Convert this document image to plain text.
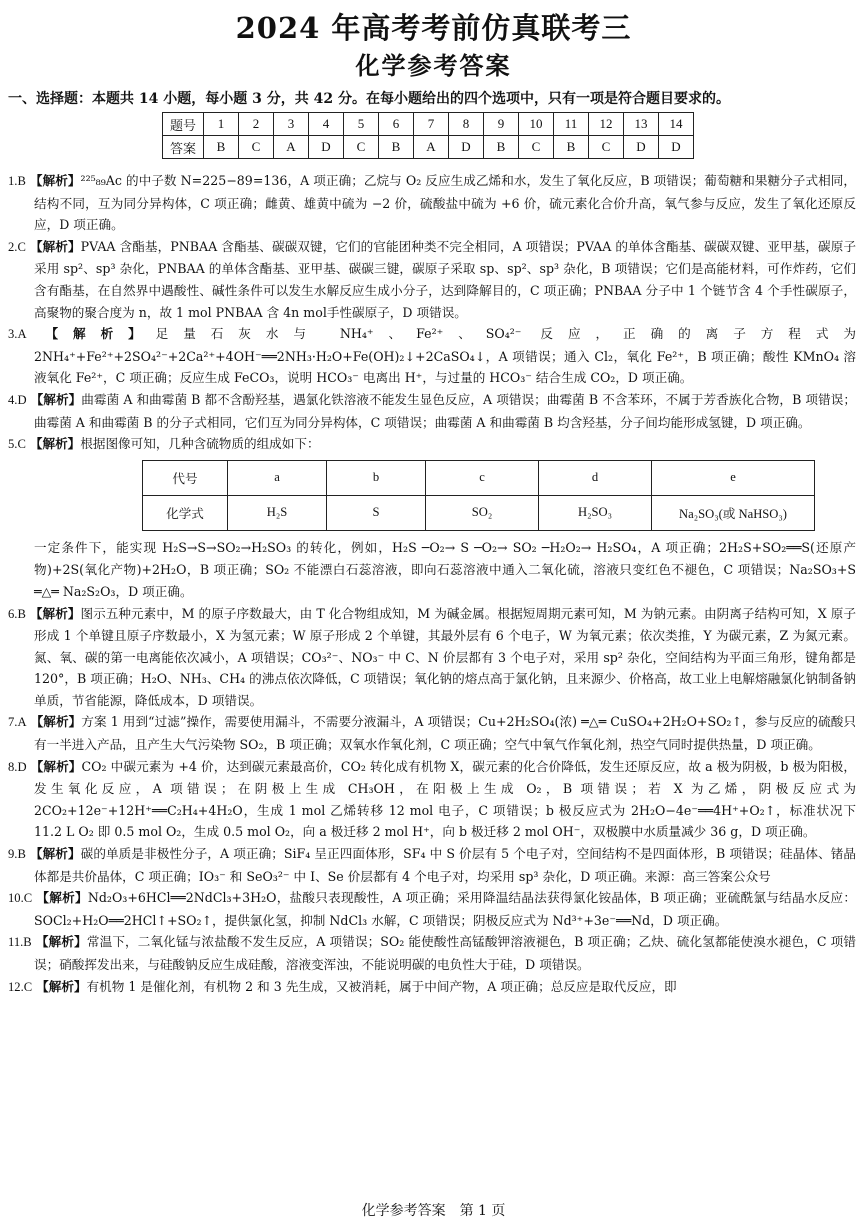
2024 年高考考前仿真联考三
化学参考答案
一、选择题：本题共 14 小题，每小题 3 分，共 42 分。在每小题给出的四个选项中，只有一项是符合题目要求的。
题号	1	2	3	4	5	6	7	8	9	10	11	12	13	14
答案	B	C	A	D	C	B	A	D	B	C	B	C	D	D

1.B 【解析】²²⁵₈₉Ac 的中子数 N=225−89=136，A 项正确；乙烷与 O₂ 反应生成乙烯和水，发生了氧化反应，B 项错误；葡萄糖和果糖分子式相同，结构不同，互为同分异构体，C 项正确；雌黄、雄黄中硫为 −2 价，硫酸盐中硫为 +6 价，硫元素化合价升高，氧气参与反应，发生了氧化还原反应，D 项正确。

2.C 【解析】PVAA 含酯基，PNBAA 含酯基、碳碳双键，它们的官能团种类不完全相同，A 项错误；PVAA 的单体含酯基、碳碳双键、亚甲基，碳原子采用 sp²、sp³ 杂化，PNBAA 的单体含酯基、亚甲基、碳碳三键，碳原子采取 sp、sp²、sp³ 杂化，B 项错误；它们是高能材料，可作炸药，它们含有酯基，在自然界中遇酸性、碱性条件可以发生水解反应生成小分子，达到降解目的，C 项正确；PNBAA 分子中 1 个链节含 4 个手性碳原子，高聚物的聚合度为 n，故 1 mol PNBAA 含 4n mol手性碳原子，D 项错误。

3.A 【解析】足量石灰水与 NH₄⁺、Fe²⁺、SO₄²⁻ 反应，正确的离子方程式为 2NH₄⁺+Fe²⁺+2SO₄²⁻+2Ca²⁺+4OH⁻══2NH₃·H₂O+Fe(OH)₂↓+2CaSO₄↓，A 项错误；通入 Cl₂，氧化 Fe²⁺，B 项正确；酸性 KMnO₄ 溶液氧化 Fe²⁺，C 项正确；反应生成 FeCO₃，说明 HCO₃⁻ 电离出 H⁺，与过量的 HCO₃⁻ 结合生成 CO₂，D 项正确。

4.D 【解析】曲霉菌 A 和曲霉菌 B 都不含酚羟基，遇氯化铁溶液不能发生显色反应，A 项错误；曲霉菌 B 不含苯环，不属于芳香族化合物，B 项错误；曲霉菌 A 和曲霉菌 B 的分子式相同，它们互为同分异构体，C 项错误；曲霉菌 A 和曲霉菌 B 均含羟基，分子间均能形成氢键，D 项正确。

5.C 【解析】根据图像可知，几种含硫物质的组成如下：

代号	a	b	c	d	e
化学式	H₂S	S	SO₂	H₂SO₃	Na₂SO₃(或 NaHSO₃)

一定条件下，能实现 H₂S→S→SO₂→H₂SO₃ 的转化，例如，H₂S ─O₂→ S ─O₂→ SO₂ ─H₂O₂→ H₂SO₄，A 项正确；2H₂S+SO₂══S(还原产物)+2S(氧化产物)+2H₂O，B 项正确；SO₂ 不能漂白石蕊溶液，即向石蕊溶液中通入二氧化硫，溶液只变红色不褪色，C 项错误；Na₂SO₃+S ═△═ Na₂S₂O₃，D 项正确。

6.B 【解析】图示五种元素中，M 的原子序数最大，由 T 化合物组成知，M 为碱金属。根据短周期元素可知，M 为钠元素。由阴离子结构可知，X 原子形成 1 个单键且原子序数最小，X 为氢元素；W 原子形成 2 个单键，其最外层有 6 个电子，W 为氧元素；依次类推，Y 为碳元素，Z 为氮元素。氮、氧、碳的第一电离能依次减小，A 项错误；CO₃²⁻、NO₃⁻ 中 C、N 价层都有 3 个电子对，采用 sp² 杂化，空间结构为平面三角形，键角都是 120°，B 项正确；H₂O、NH₃、CH₄ 的沸点依次降低，C 项错误；氧化钠的熔点高于氯化钠，且来源少、价格高，故工业上电解熔融氯化钠制备钠单质，节省能源，降低成本，D 项错误。

7.A 【解析】方案 1 用到“过滤”操作，需要使用漏斗，不需要分液漏斗，A 项错误；Cu+2H₂SO₄(浓) ═△═ CuSO₄+2H₂O+SO₂↑，参与反应的硫酸只有一半进入产品，且产生大气污染物 SO₂，B 项正确；双氧水作氧化剂，C 项正确；空气中氧气作氧化剂，热空气同时提供热量，D 项正确。

8.D 【解析】CO₂ 中碳元素为 +4 价，达到碳元素最高价，CO₂ 转化成有机物 X，碳元素的化合价降低，发生还原反应，故 a 极为阴极，b 极为阳极，发生氧化反应，A 项错误；在阴极上生成 CH₃OH，在阳极上生成 O₂，B 项错误；若 X 为乙烯，阴极反应式为 2CO₂+12e⁻+12H⁺══C₂H₄+4H₂O，生成 1 mol 乙烯转移 12 mol 电子，C 项错误；b 极反应式为 2H₂O−4e⁻══4H⁺+O₂↑，标准状况下 11.2 L O₂ 即 0.5 mol O₂，生成 0.5 mol O₂，向 a 极迁移 2 mol H⁺，向 b 极迁移 2 mol OH⁻，双极膜中水质量减少 36 g，D 项正确。

9.B 【解析】碳的单质是非极性分子，A 项正确；SiF₄ 呈正四面体形，SF₄ 中 S 价层有 5 个电子对，空间结构不是四面体形，B 项错误；硅晶体、锗晶体都是共价晶体，C 项正确；IO₃⁻ 和 SeO₃²⁻ 中 I、Se 价层都有 4 个电子对，均采用 sp³ 杂化，D 项正确。来源：高三答案公众号

10.C 【解析】Nd₂O₃+6HCl══2NdCl₃+3H₂O，盐酸只表现酸性，A 项正确；采用降温结晶法获得氯化铵晶体，B 项正确；亚硫酰氯与结晶水反应：SOCl₂+H₂O══2HCl↑+SO₂↑，提供氯化氢，抑制 NdCl₃ 水解，C 项错误；阴极反应式为 Nd³⁺+3e⁻══Nd，D 项正确。

11.B 【解析】常温下，二氧化锰与浓盐酸不发生反应，A 项错误；SO₂ 能使酸性高锰酸钾溶液褪色，B 项正确；乙炔、硫化氢都能使溴水褪色，C 项错误；硝酸挥发出来，与硅酸钠反应生成硅酸，溶液变浑浊，不能说明碳的电负性大于硅，D 项错误。

12.C 【解析】有机物 1 是催化剂，有机物 2 和 3 先生成，又被消耗，属于中间产物，A 项正确；总反应是取代反应，即

化学参考答案　第 1 页
